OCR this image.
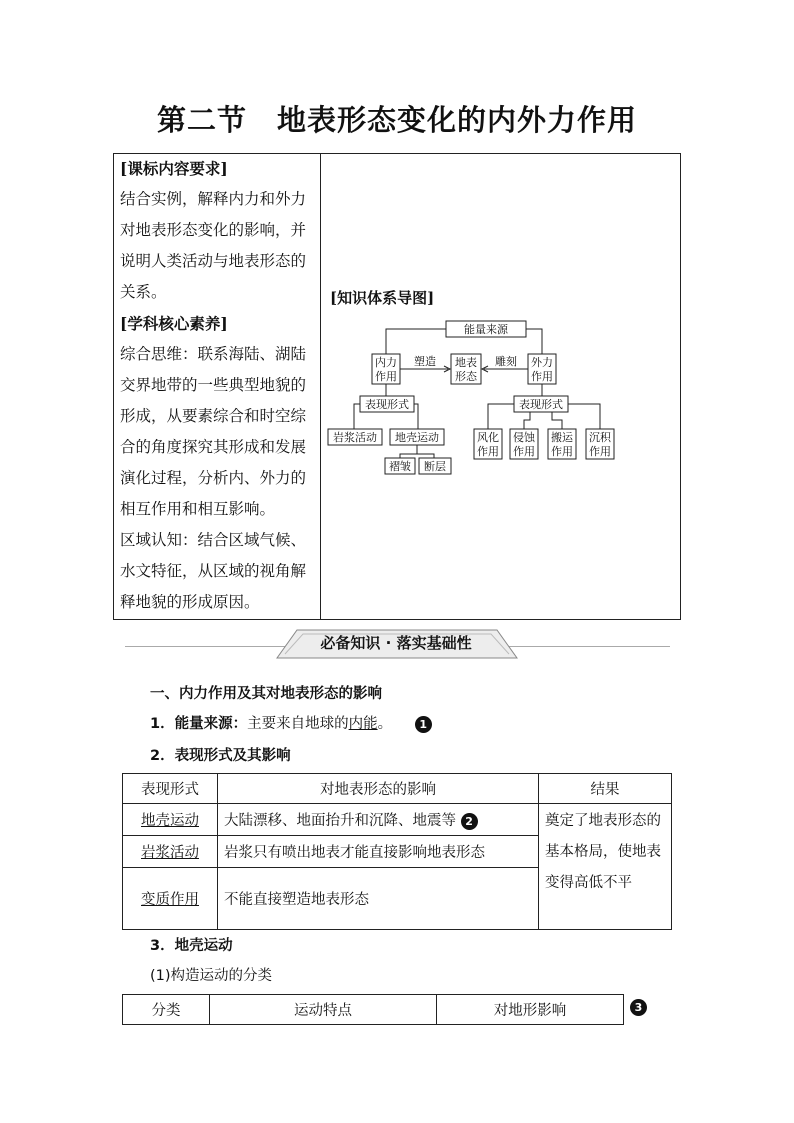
第二节　地表形态变化的内外力作用

[课标内容要求]

结合实例，解释内力和外力对地表形态变化的影响，并说明人类活动与地表形态的关系。

[学科核心素养]

综合思维：联系海陆、湖陆交界地带的一些典型地貌的形成，从要素综合和时空综合的角度探究其形成和发展演化过程，分析内、外力的相互作用和相互影响。

区域认知：结合区域气候、水文特征，从区域的视角解释地貌的形成原因。

[知识体系导图]
能量来源
内力
作用
地表
形态
外力
作用
塑造	雕刻
表现形式
岩浆活动 地壳运动
褶皱 断层
表现形式
风化
作用
侵蚀
作用
搬运
作用
沉积
作用
必备知识 · 落实基础性
一、内力作用及其对地表形态的影响
1．能量来源：主要来自地球的内能。 1
2．表现形式及其影响
表现形式	对地表形态的影响	结果
地壳运动	大陆漂移、地面抬升和沉降、地震等 2	奠定了地表形态的基本格局，使地表变得高低不平
岩浆活动	岩浆只有喷出地表才能直接影响地表形态	
变质作用	不能直接塑造地表形态	
3．地壳运动
(1)构造运动的分类
分类	运动特点	对地形影响	3
